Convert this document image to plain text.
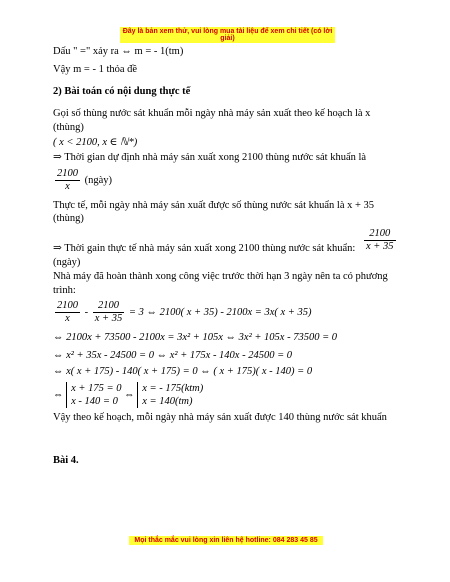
Đây là bản xem thử, vui lòng mua tài liệu để xem chi tiết (có lời giải)
Dấu " =" xảy ra ⇔ m = - 1(tm)
Vậy m = - 1 thỏa đề
2) Bài toán có nội dung thực tế
Gọi số thùng nước sát khuẩn mỗi ngày nhà máy sản xuất theo kế hoạch là x
(thùng)
( x < 2100, x ∈ ℕ*)
⇒ Thời gian dự định nhà máy sản xuất xong 2100 thùng nước sát khuẩn là
$\frac{2100}{x}$ (ngày)
Thực tế, mỗi ngày nhà máy sản xuất được số thùng nước sát khuẩn là x + 35
(thùng)
$\frac{2100}{x + 35}$
⇒ Thời gain thực tế nhà máy sản xuất xong 2100 thùng nước sát khuẩn:
(ngày)
Nhà máy đã hoàn thành xong công việc trước thời hạn 3 ngày nên ta có phương
trình:
$\frac{2100}{x} - \frac{2100}{x + 35} = 3$ ⇔ 2100( x + 35) - 2100x = 3x( x + 35)
⇔ 2100x + 73500 - 2100x = 3x² + 105x ⇔ 3x² + 105x - 73500 = 0
⇔ x² + 35x - 24500 = 0 ⇔ x² + 175x - 140x - 24500 = 0
⇔ x( x + 175) - 140( x + 175) = 0 ⇔ ( x + 175)( x - 140) = 0
⇔
x + 175 = 0
x - 140 = 0
⇔
x = - 175(ktm)
x = 140(tm)
Vậy theo kế hoạch, mỗi ngày nhà máy sản xuất được 140 thùng nước sát khuẩn
Bài 4.
Mọi thắc mắc vui lòng xin liên hệ hotline: 084 283 45 85
